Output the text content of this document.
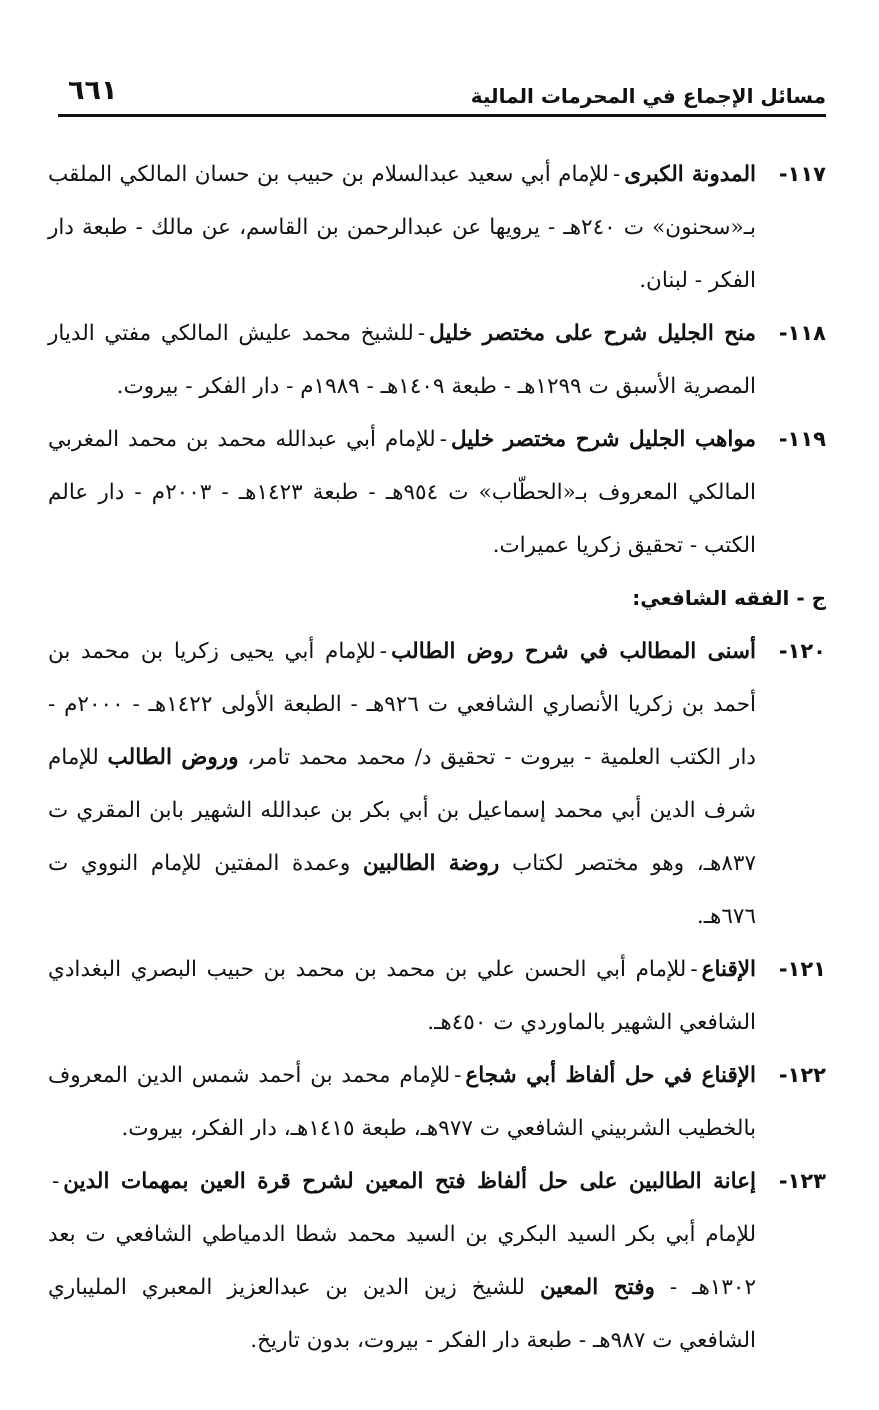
مسائل الإجماع في المحرمات المالية
٦٦١
١١٧-
المدونة الكبرى-للإمام أبي سعيد عبدالسلام بن حبيب بن حسان المالكي الملقب بـ«سحنون» ت ٢٤٠هـ - يرويها عن عبدالرحمن بن القاسم، عن مالك - طبعة دار الفكر - لبنان.
١١٨-
منح الجليل شرح على مختصر خليل-للشيخ محمد عليش المالكي مفتي الديار المصرية الأسبق ت ١٢٩٩هـ - طبعة ١٤٠٩هـ - ١٩٨٩م - دار الفكر - بيروت.
١١٩-
مواهب الجليل شرح مختصر خليل-للإمام أبي عبدالله محمد بن محمد المغربي المالكي المعروف بـ«الحطّاب» ت ٩٥٤هـ - طبعة ١٤٢٣هـ - ٢٠٠٣م - دار عالم الكتب - تحقيق زكريا عميرات.
ج - الفقه الشافعي:
١٢٠-
أسنى المطالب في شرح روض الطالب-للإمام أبي يحيى زكريا بن محمد بن أحمد بن زكريا الأنصاري الشافعي ت ٩٢٦هـ - الطبعة الأولى ١٤٢٢هـ - ٢٠٠٠م - دار الكتب العلمية - بيروت - تحقيق د/ محمد محمد تامر، وروض الطالب للإمام شرف الدين أبي محمد إسماعيل بن أبي بكر بن عبدالله الشهير بابن المقري ت ٨٣٧هـ، وهو مختصر لكتاب روضة الطالبين وعمدة المفتين للإمام النووي ت ٦٧٦هـ.
١٢١-
الإقناع-للإمام أبي الحسن علي بن محمد بن محمد بن حبيب البصري البغدادي الشافعي الشهير بالماوردي ت ٤٥٠هـ.
١٢٢-
الإقناع في حل ألفاظ أبي شجاع-للإمام محمد بن أحمد شمس الدين المعروف بالخطيب الشربيني الشافعي ت ٩٧٧هـ، طبعة ١٤١٥هـ، دار الفكر، بيروت.
١٢٣-
إعانة الطالبين على حل ألفاظ فتح المعين لشرح قرة العين بمهمات الدين-للإمام أبي بكر السيد البكري بن السيد محمد شطا الدمياطي الشافعي ت بعد ١٣٠٢هـ - وفتح المعين للشيخ زين الدين بن عبدالعزيز المعبري المليباري الشافعي ت ٩٨٧هـ - طبعة دار الفكر - بيروت، بدون تاريخ.
